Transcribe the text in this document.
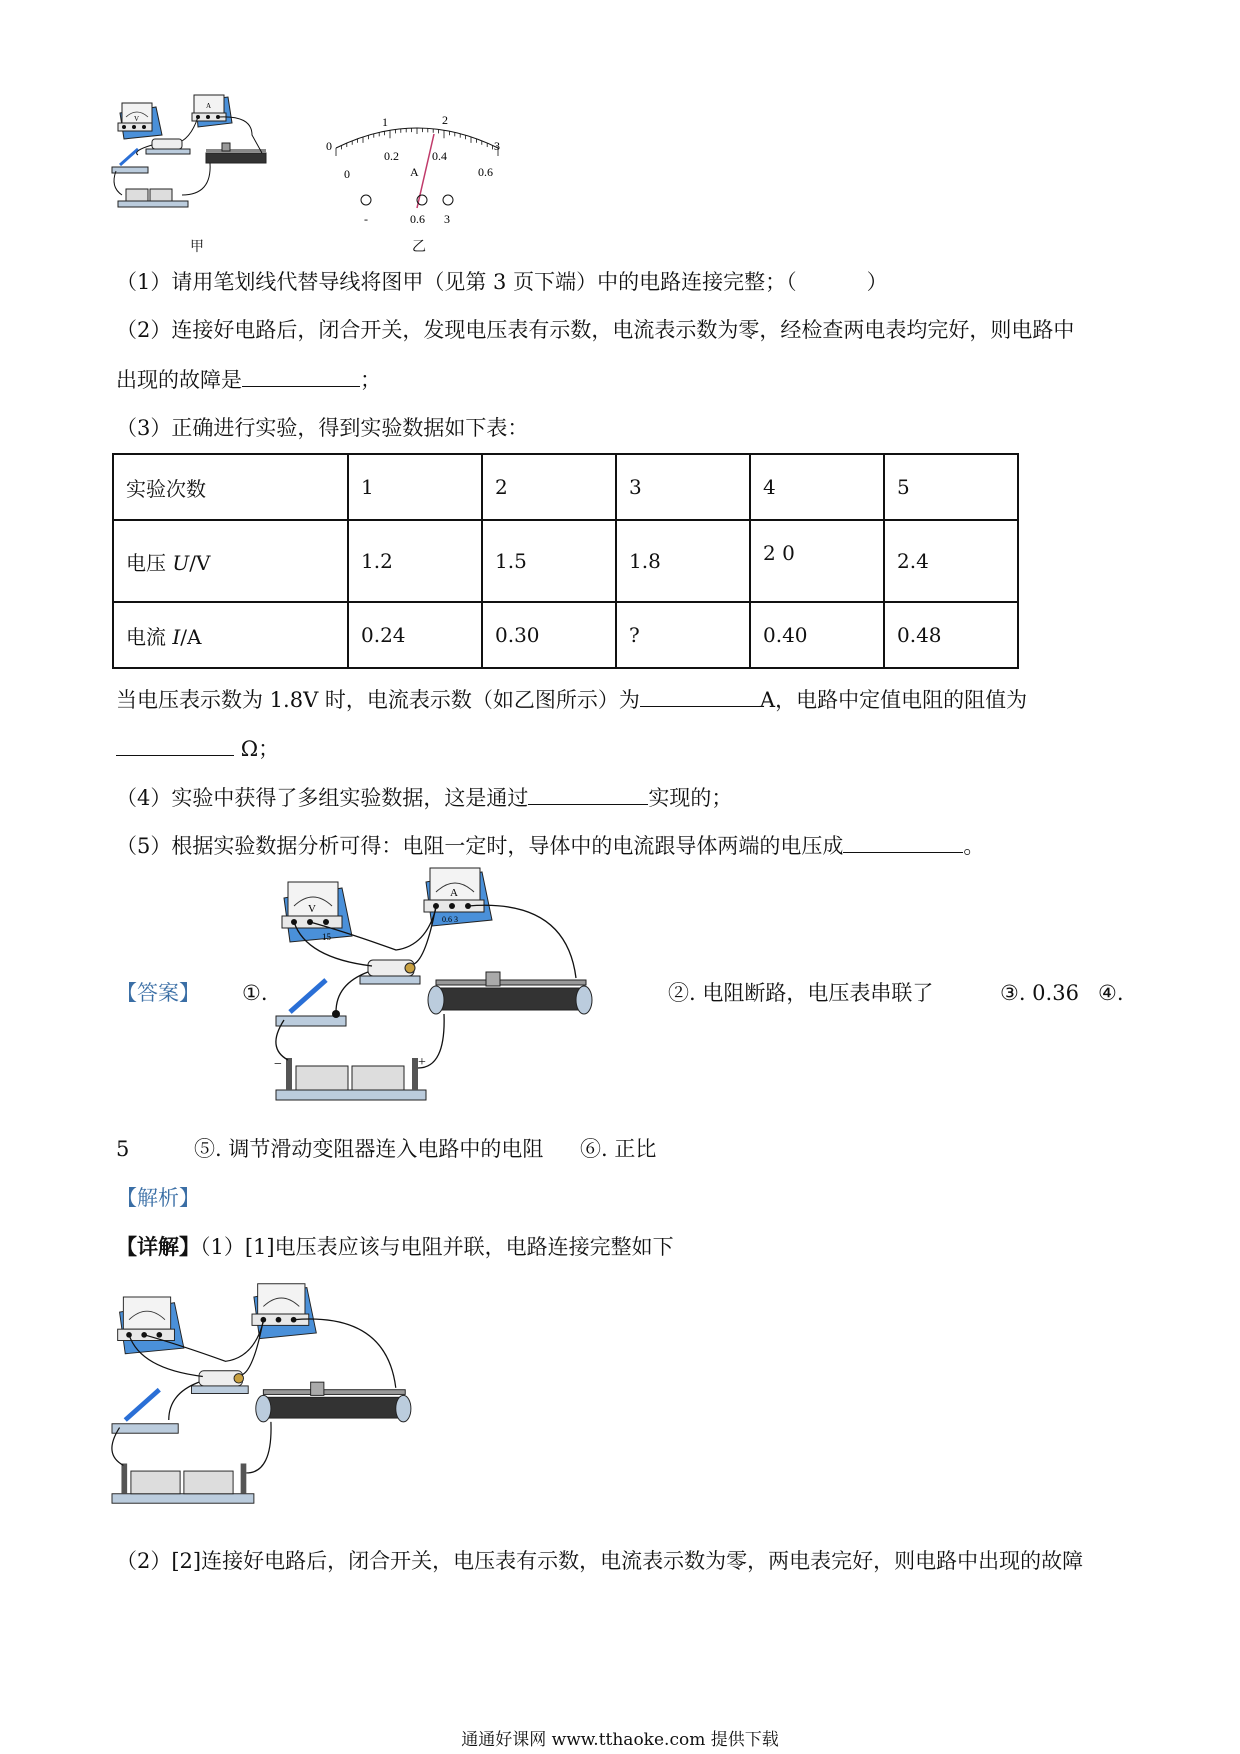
V
A
甲
0
1	2
3
0
0.2	0.4
0.6
A
-	0.6 3
乙
（1）请用笔划线代替导线将图甲（见第 3 页下端）中的电路连接完整；（	）
（2）连接好电路后，闭合开关，发现电压表有示数，电流表示数为零，经检查两电表均完好，则电路中
出现的故障是	；
（3）正确进行实验，得到实验数据如下表：
实验次数	1	2	3	4	5
电压 U/V	1.2	1.5	1.8	2 0	2.4
电流 I/A	0.24	0.30	?	0.40	0.48
当电压表示数为 1.8V 时，电流表示数（如乙图所示）为	A，电路中定值电阻的阻值为
Ω；
（4）实验中获得了多组实验数据，这是通过	实现的；
（5）根据实验数据分析可得：电阻一定时，导体中的电流跟导体两端的电压成	。
【答案】 ①.
V
15
A
0.6 3
−	+
②. 电阻断路，电压表串联了	③. 0.36 ④.
5	⑤. 调节滑动变阻器连入电路中的电阻 ⑥. 正比
【解析】
【详解】（1）[1]电压表应该与电阻并联，电路连接完整如下
（2）[2]连接好电路后，闭合开关，电压表有示数，电流表示数为零，两电表完好，则电路中出现的故障
通通好课网 www.tthaoke.com 提供下载
